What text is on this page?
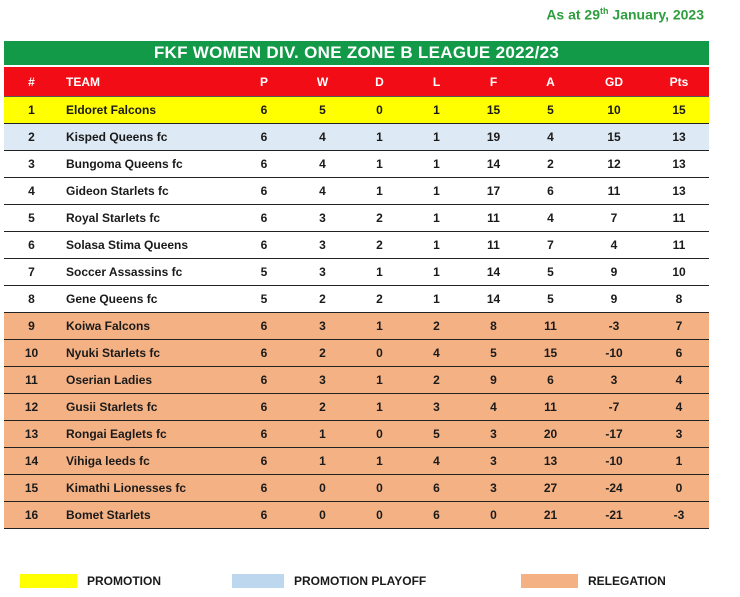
As at 29th January, 2023
FKF WOMEN DIV. ONE ZONE B LEAGUE 2022/23
#	TEAM	P	W	D	L	F	A	GD	Pts
1	Eldoret Falcons	6	5	0	1	15	5	10	15
2	Kisped Queens fc	6	4	1	1	19	4	15	13
3	Bungoma Queens fc	6	4	1	1	14	2	12	13
4	Gideon Starlets fc	6	4	1	1	17	6	11	13
5	Royal Starlets fc	6	3	2	1	11	4	7	11
6	Solasa Stima Queens	6	3	2	1	11	7	4	11
7	Soccer Assassins fc	5	3	1	1	14	5	9	10
8	Gene Queens fc	5	2	2	1	14	5	9	8
9	Koiwa Falcons	6	3	1	2	8	11	-3	7
10	Nyuki Starlets fc	6	2	0	4	5	15	-10	6
11	Oserian Ladies	6	3	1	2	9	6	3	4
12	Gusii Starlets fc	6	2	1	3	4	11	-7	4
13	Rongai Eaglets fc	6	1	0	5	3	20	-17	3
14	Vihiga leeds fc	6	1	1	4	3	13	-10	1
15	Kimathi Lionesses fc	6	0	0	6	3	27	-24	0
16	Bomet Starlets	6	0	0	6	0	21	-21	-3
PROMOTION	PROMOTION PLAYOFF	RELEGATION
